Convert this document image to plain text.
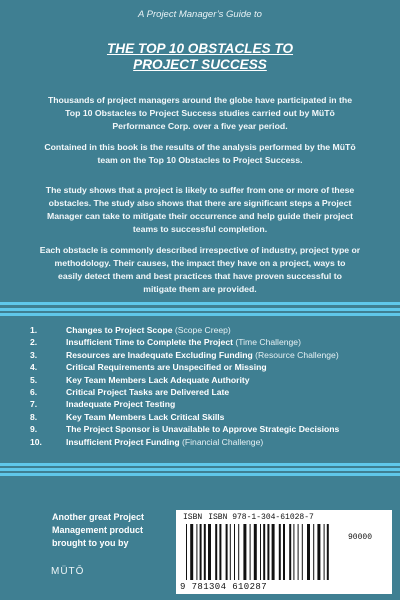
A Project Manager’s Guide to
THE TOP 10 OBSTACLES TO
PROJECT SUCCESS
Thousands of project managers around the globe have participated in the
Top 10 Obstacles to Project Success studies carried out by MüTō
Performance Corp. over a five year period.
Contained in this book is the results of the analysis performed by the MüTō
team on the Top 10 Obstacles to Project Success.
The study shows that a project is likely to suffer from one or more of these
obstacles. The study also shows that there are significant steps a Project
Manager can take to mitigate their occurrence and help guide their project
teams to successful completion.
Each obstacle is commonly described irrespective of industry, project type or
methodology. Their causes, the impact they have on a project, ways to
easily detect them and best practices that have proven successful to
mitigate them are provided.
1.	Changes to Project Scope (Scope Creep)
2.	Insufficient Time to Complete the Project (Time Challenge)
3.	Resources are Inadequate Excluding Funding (Resource Challenge)
4.	Critical Requirements are Unspecified or Missing
5.	Key Team Members Lack Adequate Authority
6.	Critical Project Tasks are Delivered Late
7.	Inadequate Project Testing
8.	Key Team Members Lack Critical Skills
9.	The Project Sponsor is Unavailable to Approve Strategic Decisions
10.	Insufficient Project Funding (Financial Challenge)
Another great Project
Management product
brought to you by
MÜTŌ
ISBN ISBN 978-1-304-61028-7
90000
9 781304 610287
